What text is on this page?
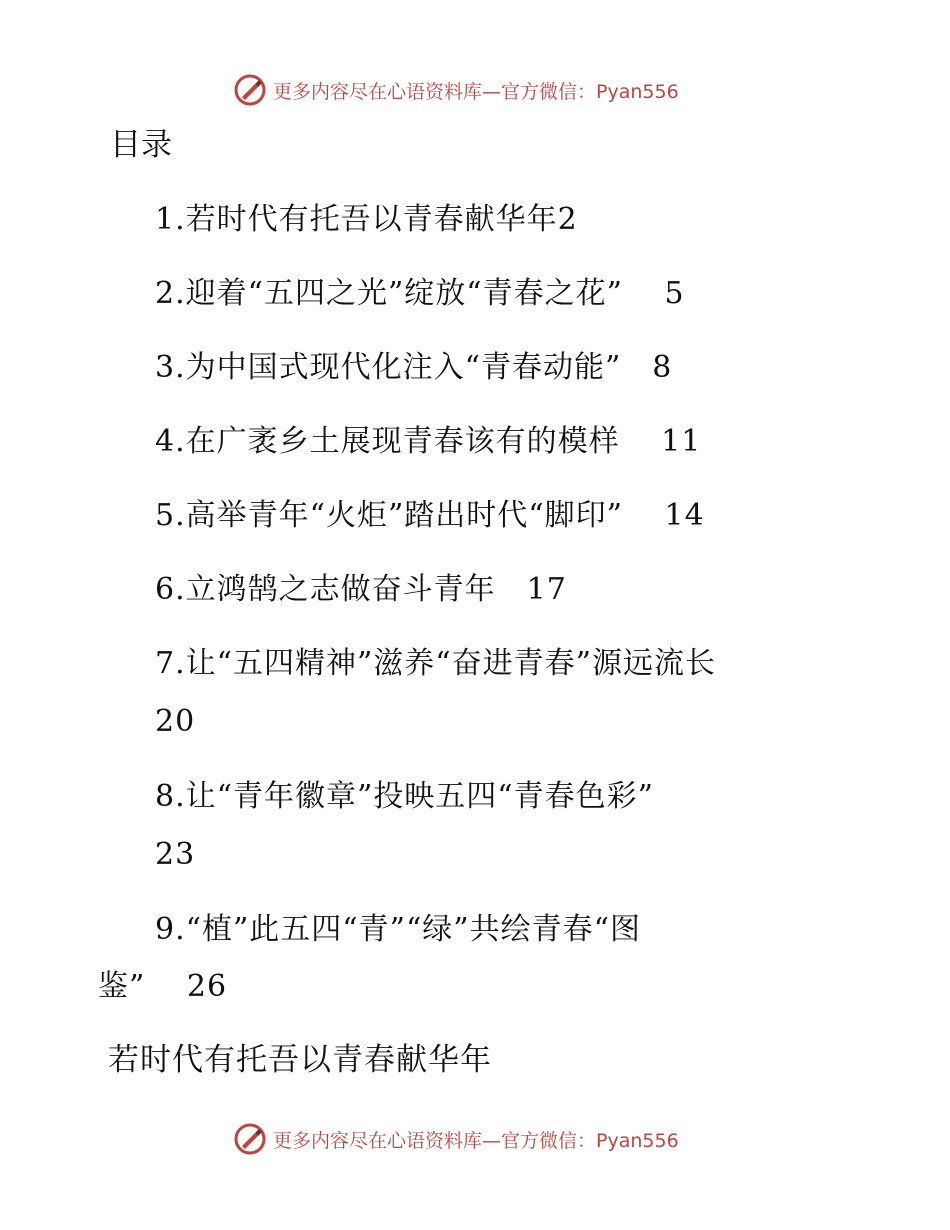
更多内容尽在心语资料库—官方微信：Pyan556
目录
1.若时代有托吾以青春献华年2
2.迎着“五四之光”绽放“青春之花”　 5
3.为中国式现代化注入“青春动能”　8
4.在广袤乡土展现青春该有的模样　 11
5.高举青年“火炬”踏出时代“脚印”　 14
6.立鸿鹄之志做奋斗青年　17
7.让“五四精神”滋养“奋进青春”源远流长
20
8.让“青年徽章”投映五四“青春色彩”
23
9.“植”此五四“青”“绿”共绘青春“图
鉴”　 26
若时代有托吾以青春献华年
更多内容尽在心语资料库—官方微信：Pyan556
